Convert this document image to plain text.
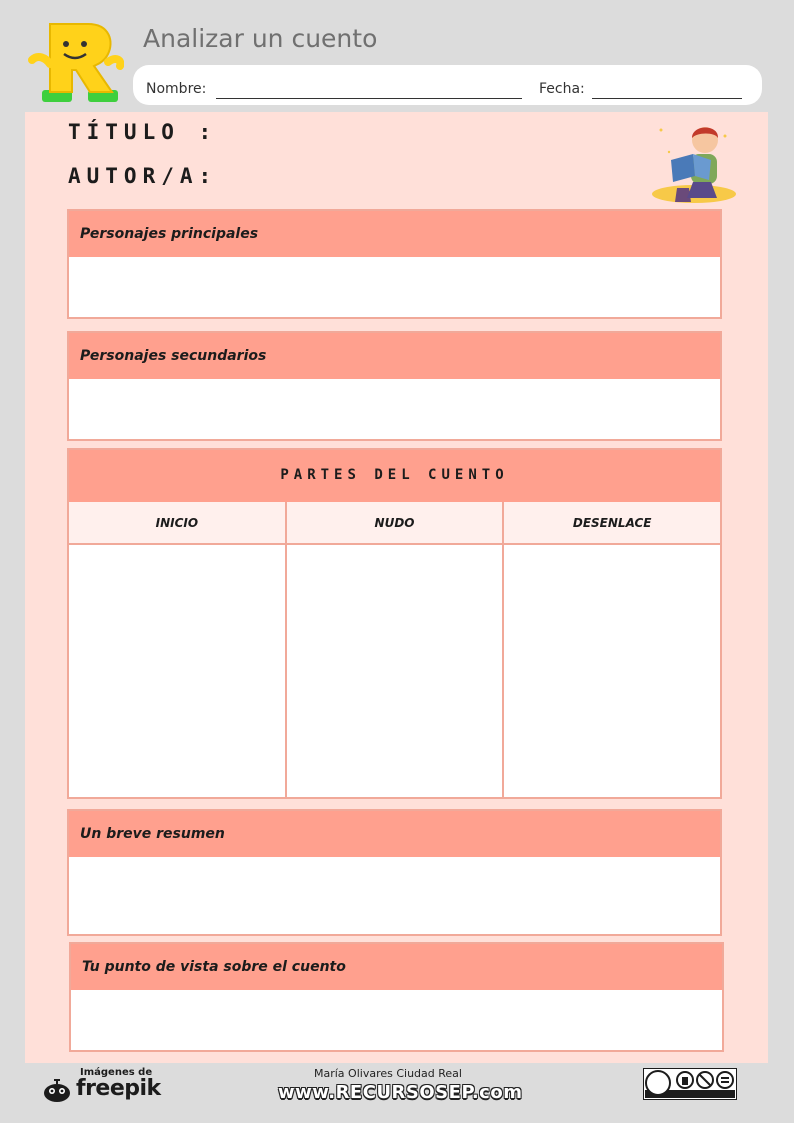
Analizar un cuento
Nombre:	Fecha:
TÍTULO :
AUTOR/A:
Personajes principales
Personajes secundarios
PARTES DEL CUENTO
INICIO	NUDO	DESENLACE
Un breve resumen
Tu punto de vista sobre el cuento
Imágenes de
freepik
María Olivares Ciudad Real
www.RECURSOSEP.com
